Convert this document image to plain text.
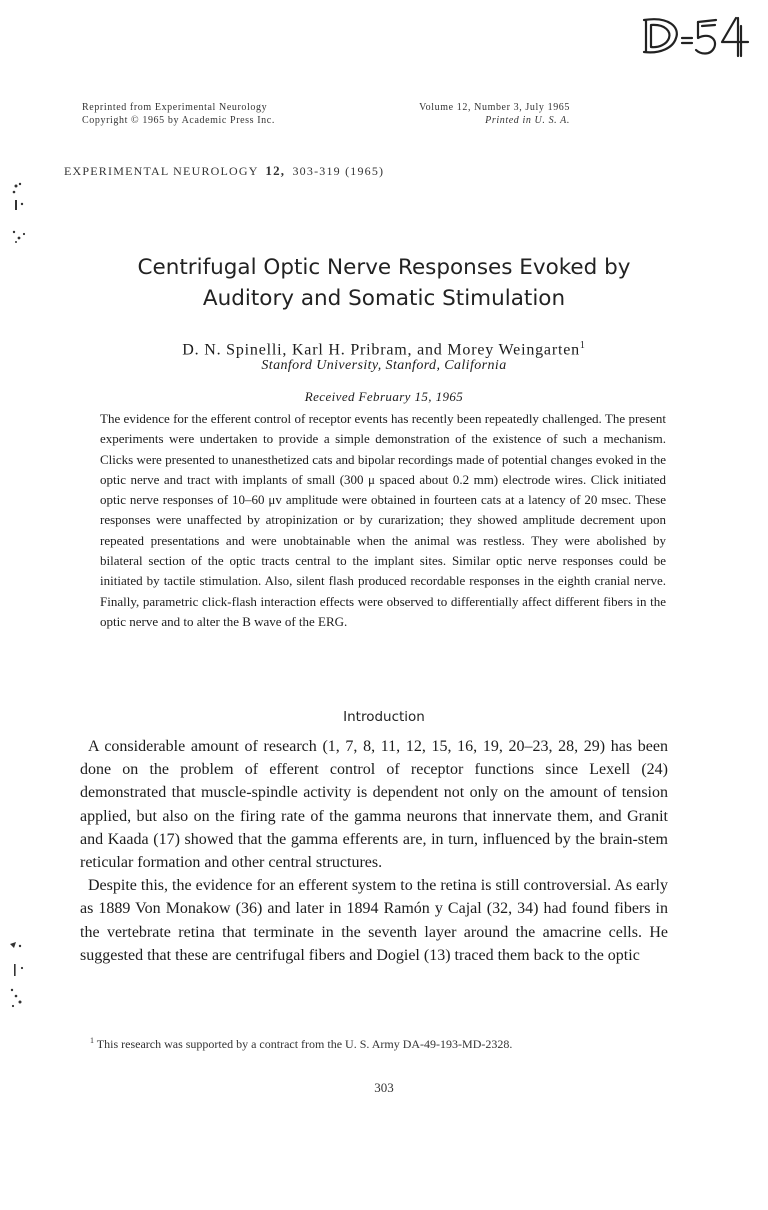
Reprinted from Experimental Neurology
Copyright © 1965 by Academic Press Inc.
Volume 12, Number 3, July 1965
Printed in U. S. A.
EXPERIMENTAL NEUROLOGY 12, 303-319 (1965)
Centrifugal Optic Nerve Responses Evoked by
Auditory and Somatic Stimulation
D. N. Spinelli, Karl H. Pribram, and Morey Weingarten$^1$
Stanford University, Stanford, California
Received February 15, 1965
The evidence for the efferent control of receptor events has recently been repeatedly challenged. The present experiments were undertaken to provide a simple demonstration of the existence of such a mechanism. Clicks were presented to unanesthetized cats and bipolar recordings made of potential changes evoked in the optic nerve and tract with implants of small (300 μ spaced about 0.2 mm) electrode wires. Click initiated optic nerve responses of 10–60 μv amplitude were obtained in fourteen cats at a latency of 20 msec. These responses were unaffected by atropinization or by curarization; they showed amplitude decrement upon repeated presentations and were unobtainable when the animal was restless. They were abolished by bilateral section of the optic tracts central to the implant sites. Similar optic nerve responses could be initiated by tactile stimulation. Also, silent flash produced recordable responses in the eighth cranial nerve. Finally, parametric click-flash interaction effects were observed to differentially affect different fibers in the optic nerve and to alter the B wave of the ERG.
Introduction

A considerable amount of research (1, 7, 8, 11, 12, 15, 16, 19, 20–23, 28, 29) has been done on the problem of efferent control of receptor functions since Lexell (24) demonstrated that muscle-spindle activity is dependent not only on the amount of tension applied, but also on the firing rate of the gamma neurons that innervate them, and Granit and Kaada (17) showed that the gamma efferents are, in turn, influenced by the brain-stem reticular formation and other central structures.

Despite this, the evidence for an efferent system to the retina is still controversial. As early as 1889 Von Monakow (36) and later in 1894 Ramón y Cajal (32, 34) had found fibers in the vertebrate retina that terminate in the seventh layer around the amacrine cells. He suggested that these are centrifugal fibers and Dogiel (13) traced them back to the optic

$^1$ This research was supported by a contract from the U. S. Army DA-49-193-MD-2328.
303
